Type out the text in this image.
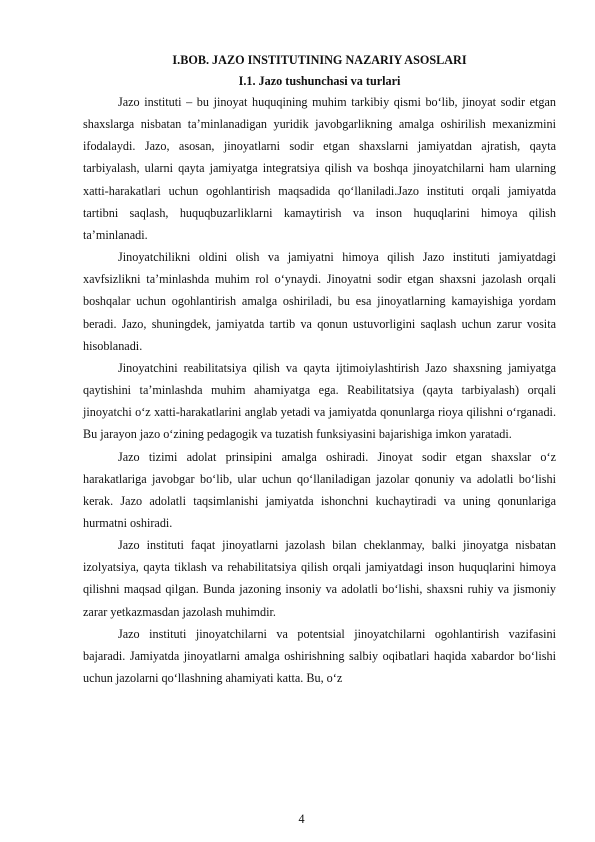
I.BOB. JAZO INSTITUTINING NAZARIY ASOSLARI

I.1. Jazo tushunchasi va turlari

Jazo instituti – bu jinoyat huquqining muhim tarkibiy qismi bo‘lib, jinoyat sodir etgan shaxslarga nisbatan ta’minlanadigan yuridik javobgarlikning amalga oshirilish mexanizmini ifodalaydi. Jazo, asosan, jinoyatlarni sodir etgan shaxslarni jamiyatdan ajratish, qayta tarbiyalash, ularni qayta jamiyatga integratsiya qilish va boshqa jinoyatchilarni ham ularning xatti-harakatlari uchun ogohlantirish maqsadida qo‘llaniladi.Jazo instituti orqali jamiyatda tartibni saqlash, huquqbuzarliklarni kamaytirish va inson huquqlarini himoya qilish ta’minlanadi.

Jinoyatchilikni oldini olish va jamiyatni himoya qilish Jazo instituti jamiyatdagi xavfsizlikni ta’minlashda muhim rol o‘ynaydi. Jinoyatni sodir etgan shaxsni jazolash orqali boshqalar uchun ogohlantirish amalga oshiriladi, bu esa jinoyatlarning kamayishiga yordam beradi. Jazo, shuningdek, jamiyatda tartib va qonun ustuvorligini saqlash uchun zarur vosita hisoblanadi.

Jinoyatchini reabilitatsiya qilish va qayta ijtimoiylashtirish Jazo shaxsning jamiyatga qaytishini ta’minlashda muhim ahamiyatga ega. Reabilitatsiya (qayta tarbiyalash) orqali jinoyatchi o‘z xatti-harakatlarini anglab yetadi va jamiyatda qonunlarga rioya qilishni o‘rganadi. Bu jarayon jazo o‘zining pedagogik va tuzatish funksiyasini bajarishiga imkon yaratadi.

Jazo tizimi adolat prinsipini amalga oshiradi. Jinoyat sodir etgan shaxslar o‘z harakatlariga javobgar bo‘lib, ular uchun qo‘llaniladigan jazolar qonuniy va adolatli bo‘lishi kerak. Jazo adolatli taqsimlanishi jamiyatda ishonchni kuchaytiradi va uning qonunlariga hurmatni oshiradi.

Jazo instituti faqat jinoyatlarni jazolash bilan cheklanmay, balki jinoyatga nisbatan izolyatsiya, qayta tiklash va rehabilitatsiya qilish orqali jamiyatdagi inson huquqlarini himoya qilishni maqsad qilgan. Bunda jazoning insoniy va adolatli bo‘lishi, shaxsni ruhiy va jismoniy zarar yetkazmasdan jazolash muhimdir.

Jazo instituti jinoyatchilarni va potentsial jinoyatchilarni ogohlantirish vazifasini bajaradi. Jamiyatda jinoyatlarni amalga oshirishning salbiy oqibatlari haqida xabardor bo‘lishi uchun jazolarni qo‘llashning ahamiyati katta. Bu, o‘z

4
